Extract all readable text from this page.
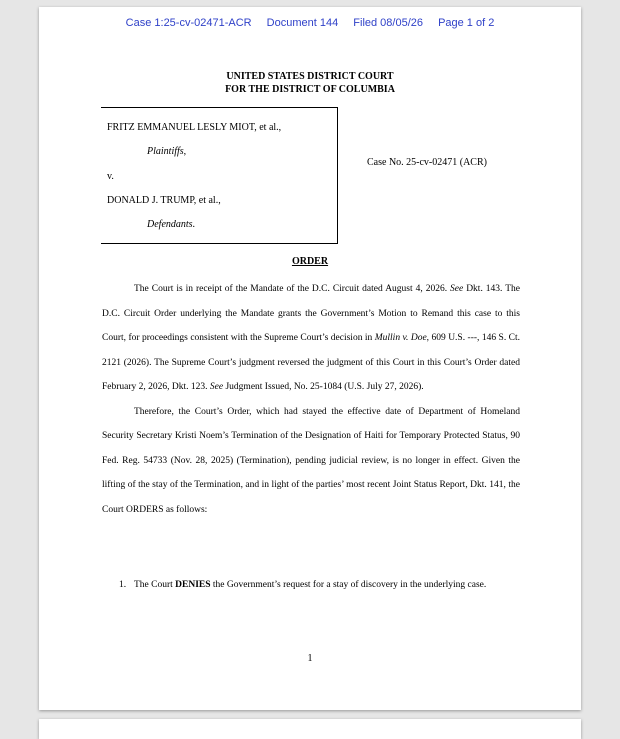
Case 1:25-cv-02471-ACR Document 144 Filed 08/05/26 Page 1 of 2
UNITED STATES DISTRICT COURT
FOR THE DISTRICT OF COLUMBIA
FRITZ EMMANUEL LESLY MIOT, et al.,
Plaintiffs,
v.
DONALD J. TRUMP, et al.,
Defendants.
Case No. 25-cv-02471 (ACR)
ORDER

The Court is in receipt of the Mandate of the D.C. Circuit dated August 4, 2026. See Dkt. 143. The D.C. Circuit Order underlying the Mandate grants the Government’s Motion to Remand this case to this Court, for proceedings consistent with the Supreme Court’s decision in Mullin v. Doe, 609 U.S. ---, 146 S. Ct. 2121 (2026). The Supreme Court’s judgment reversed the judgment of this Court in this Court’s Order dated February 2, 2026, Dkt. 123. See Judgment Issued, No. 25-1084 (U.S. July 27, 2026).

Therefore, the Court’s Order, which had stayed the effective date of Department of Homeland Security Secretary Kristi Noem’s Termination of the Designation of Haiti for Temporary Protected Status, 90 Fed. Reg. 54733 (Nov. 28, 2025) (Termination), pending judicial review, is no longer in effect. Given the lifting of the stay of the Termination, and in light of the parties’ most recent Joint Status Report, Dkt. 141, the Court ORDERS as follows:

1. The Court DENIES the Government’s request for a stay of discovery in the underlying case.
1
